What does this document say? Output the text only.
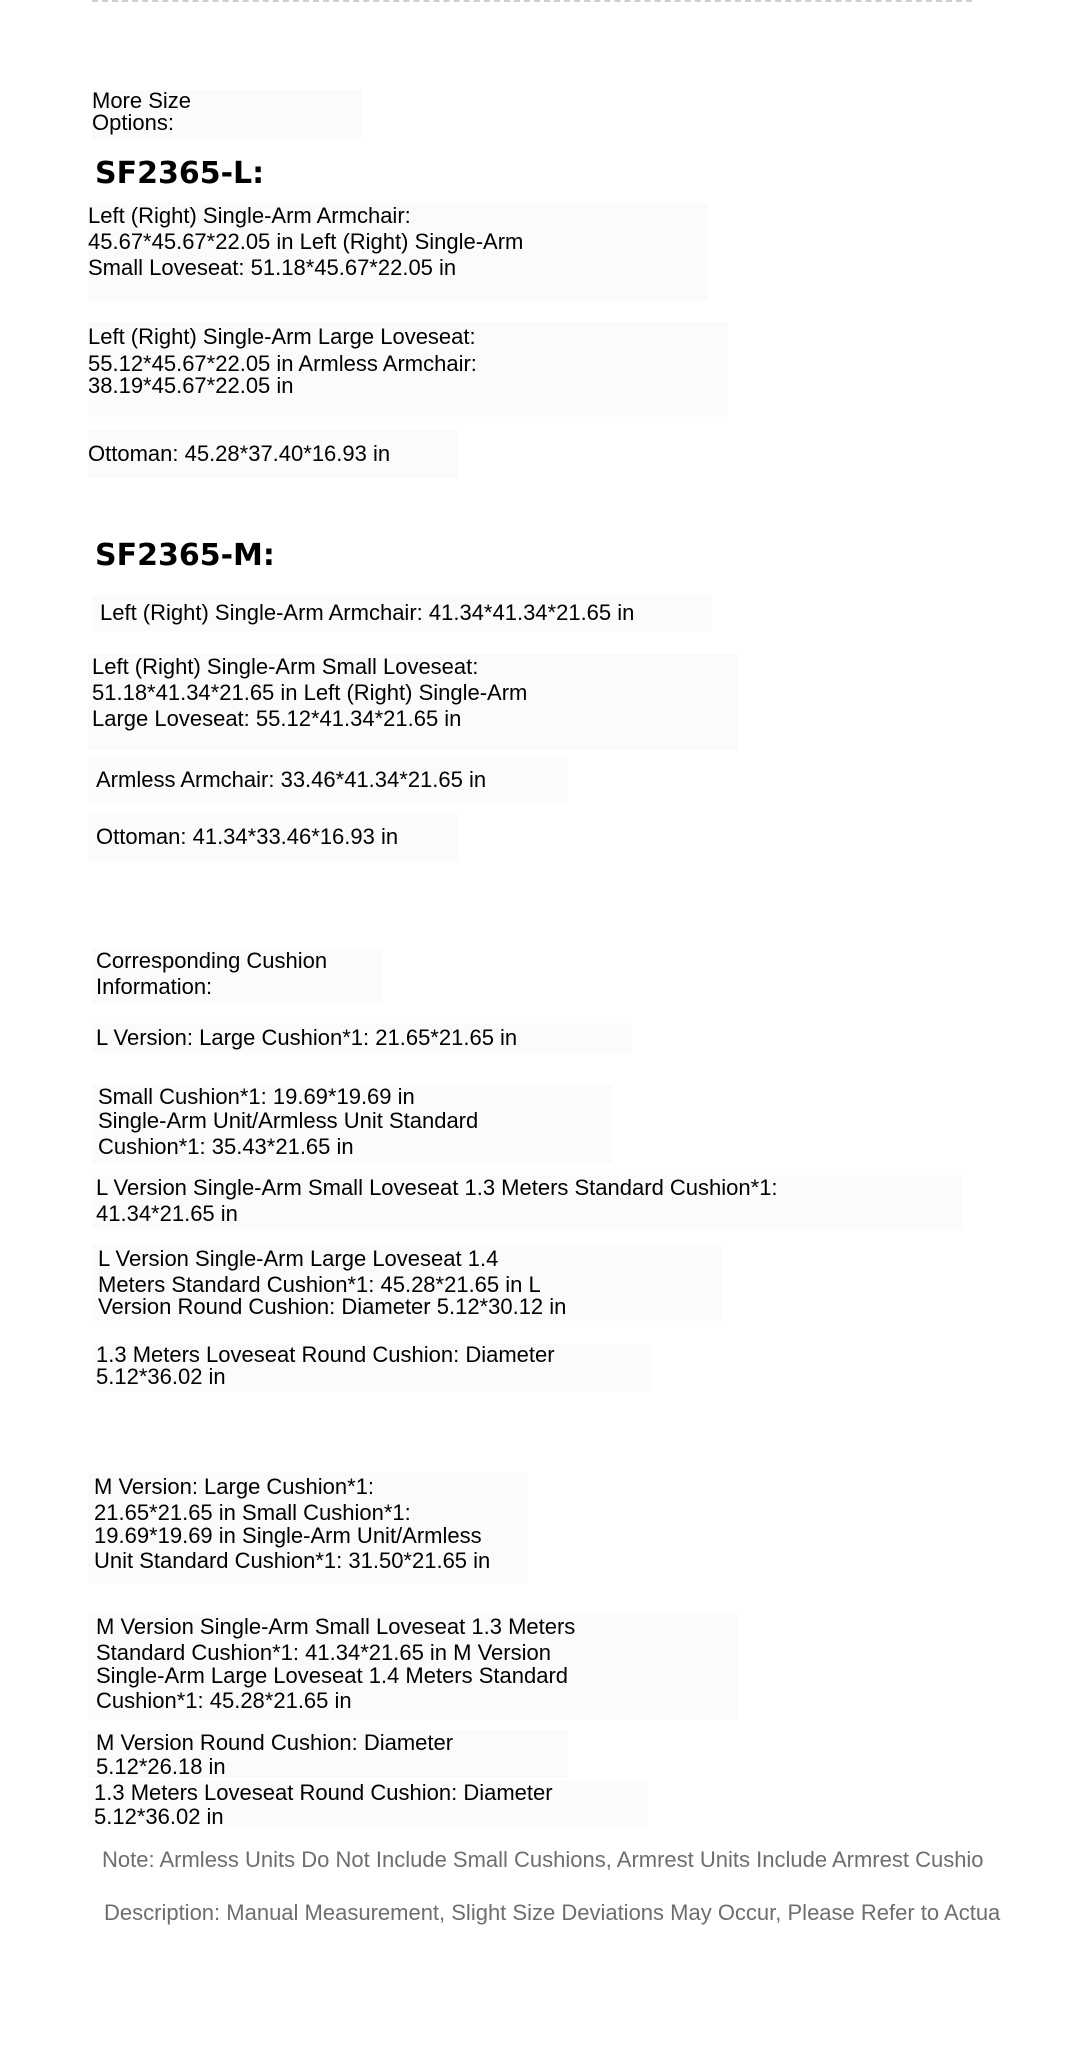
More Size
Options:
SF2365-L:
Left (Right) Single-Arm Armchair:
45.67*45.67*22.05 in Left (Right) Single-Arm
Small Loveseat: 51.18*45.67*22.05 in
Left (Right) Single-Arm Large Loveseat:
55.12*45.67*22.05 in Armless Armchair:
38.19*45.67*22.05 in
Ottoman: 45.28*37.40*16.93 in
SF2365-M:
Left (Right) Single-Arm Armchair: 41.34*41.34*21.65 in
Left (Right) Single-Arm Small Loveseat:
51.18*41.34*21.65 in Left (Right) Single-Arm
Large Loveseat: 55.12*41.34*21.65 in
Armless Armchair: 33.46*41.34*21.65 in
Ottoman: 41.34*33.46*16.93 in
Corresponding Cushion
Information:
L Version: Large Cushion*1: 21.65*21.65 in
Small Cushion*1: 19.69*19.69 in
Single-Arm Unit/Armless Unit Standard
Cushion*1: 35.43*21.65 in
L Version Single-Arm Small Loveseat 1.3 Meters Standard Cushion*1:
41.34*21.65 in
L Version Single-Arm Large Loveseat 1.4
Meters Standard Cushion*1: 45.28*21.65 in L
Version Round Cushion: Diameter 5.12*30.12 in
1.3 Meters Loveseat Round Cushion: Diameter
5.12*36.02 in
M Version: Large Cushion*1:
21.65*21.65 in Small Cushion*1:
19.69*19.69 in Single-Arm Unit/Armless
Unit Standard Cushion*1: 31.50*21.65 in
M Version Single-Arm Small Loveseat 1.3 Meters
Standard Cushion*1: 41.34*21.65 in M Version
Single-Arm Large Loveseat 1.4 Meters Standard
Cushion*1: 45.28*21.65 in
M Version Round Cushion: Diameter
5.12*26.18 in
1.3 Meters Loveseat Round Cushion: Diameter
5.12*36.02 in
Note: Armless Units Do Not Include Small Cushions, Armrest Units Include Armrest Cushio
Description: Manual Measurement, Slight Size Deviations May Occur, Please Refer to Actua
